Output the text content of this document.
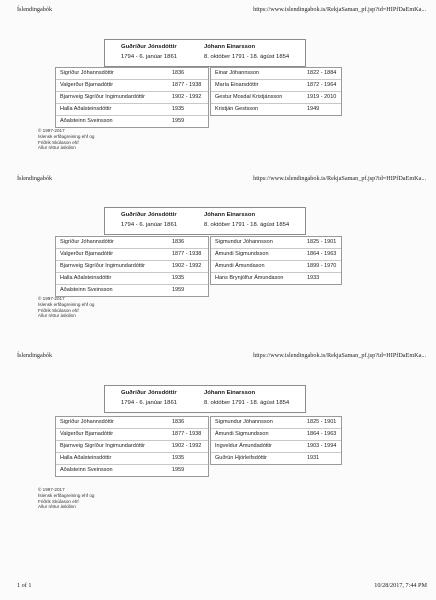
Íslendingabók	https://www.islendingabok.is/RekjaSaman_pf.jsp?id=HIPfDaEmKa...
Guðríður Jónsdóttir	Jóhann Einarsson
1794 - 6. janúar 1861	8. október 1791 - 18. ágúst 1854
Sigríður Jóhannsdóttir	1836
Valgerður Bjarnadóttir	1877 - 1938
Bjarnveig Sigríður Ingimundardóttir	1902 - 1992
Halla Aðalsteinsdóttir	1935
Aðalsteinn Sveinsson	1959
Einar Jóhannsson	1822 - 1884
María Einarsdóttir	1872 - 1964
Gestur Mosdal Kristjánsson	1919 - 2010
Kristján Gestsson	1949
© 1997-2017
Íslensk erfðagreining ehf og
Friðrik Skúlason ehf
Allur réttur áskilinn
Íslendingabók	https://www.islendingabok.is/RekjaSaman_pf.jsp?id=HIPfDaEmKa...
Guðríður Jónsdóttir	Jóhann Einarsson
1794 - 6. janúar 1861	8. október 1791 - 18. ágúst 1854
Sigríður Jóhannsdóttir	1836
Valgerður Bjarnadóttir	1877 - 1938
Bjarnveig Sigríður Ingimundardóttir	1902 - 1992
Halla Aðalsteinsdóttir	1935
Aðalsteinn Sveinsson	1959
Sigmundur Jóhannsson	1825 - 1901
Ámundi Sigmundsson	1864 - 1963
Ámundi Ámundason	1899 - 1970
Hans Brynjólfur Ámundason	1933
© 1997-2017
Íslensk erfðagreining ehf og
Friðrik Skúlason ehf
Allur réttur áskilinn
Íslendingabók	https://www.islendingabok.is/RekjaSaman_pf.jsp?id=HIPfDaEmKa...
Guðríður Jónsdóttir	Jóhann Einarsson
1794 - 6. janúar 1861	8. október 1791 - 18. ágúst 1854
Sigríður Jóhannsdóttir	1836
Valgerður Bjarnadóttir	1877 - 1938
Bjarnveig Sigríður Ingimundardóttir	1902 - 1992
Halla Aðalsteinsdóttir	1935
Aðalsteinn Sveinsson	1959
Sigmundur Jóhannsson	1825 - 1901
Ámundi Sigmundsson	1864 - 1963
Ingveldur Ámundadóttir	1903 - 1994
Guðrún Hjörleifsdóttir	1931
© 1997-2017
Íslensk erfðagreining ehf og
Friðrik Skúlason ehf
Allur réttur áskilinn
1 of 1	10/28/2017, 7:44 PM
